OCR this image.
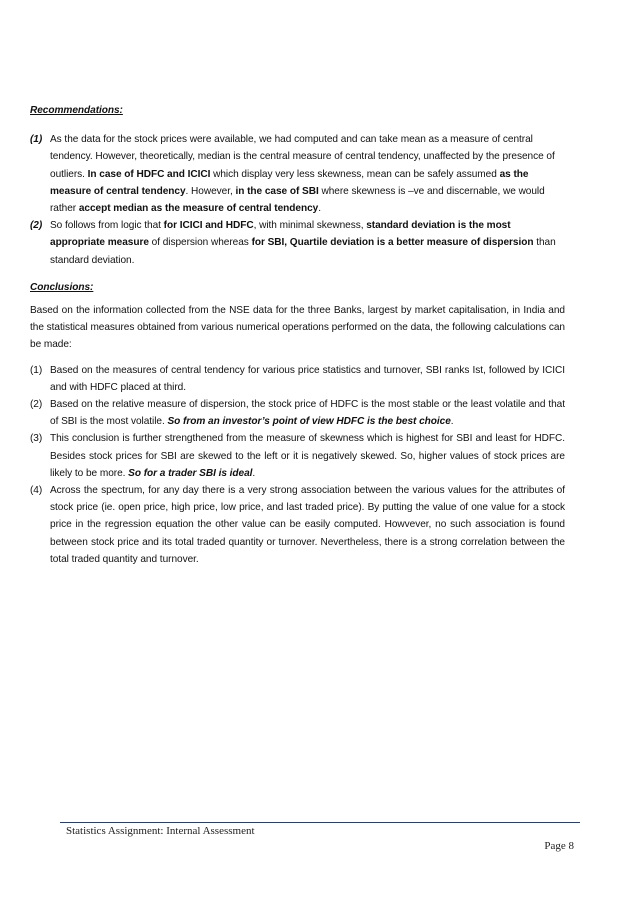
Recommendations:
(1) As the data for the stock prices were available, we had computed and can take mean as a measure of central tendency. However, theoretically, median is the central measure of central tendency, unaffected by the presence of outliers. In case of HDFC and ICICI which display very less skewness, mean can be safely assumed as the measure of central tendency. However, in the case of SBI where skewness is –ve and discernable, we would rather accept median as the measure of central tendency.
(2) So follows from logic that for ICICI and HDFC, with minimal skewness, standard deviation is the most appropriate measure of dispersion whereas for SBI, Quartile deviation is a better measure of dispersion than standard deviation.
Conclusions:

Based on the information collected from the NSE data for the three Banks, largest by market capitalisation, in India and the statistical measures obtained from various numerical operations performed on the data, the following calculations can be made:

(1) Based on the measures of central tendency for various price statistics and turnover, SBI ranks Ist, followed by ICICI and with HDFC placed at third.
(2) Based on the relative measure of dispersion, the stock price of HDFC is the most stable or the least volatile and that of SBI is the most volatile. So from an investor’s point of view HDFC is the best choice.
(3) This conclusion is further strengthened from the measure of skewness which is highest for SBI and least for HDFC. Besides stock prices for SBI are skewed to the left or it is negatively skewed. So, higher values of stock prices are likely to be more. So for a trader SBI is ideal.
(4) Across the spectrum, for any day there is a very strong association between the various values for the attributes of stock price (ie. open price, high price, low price, and last traded price). By putting the value of one value for a stock price in the regression equation the other value can be easily computed. Howvever, no such association is found between stock price and its total traded quantity or turnover. Nevertheless, there is a strong correlation between the total traded quantity and turnover.
Statistics Assignment: Internal Assessment
Page 8
